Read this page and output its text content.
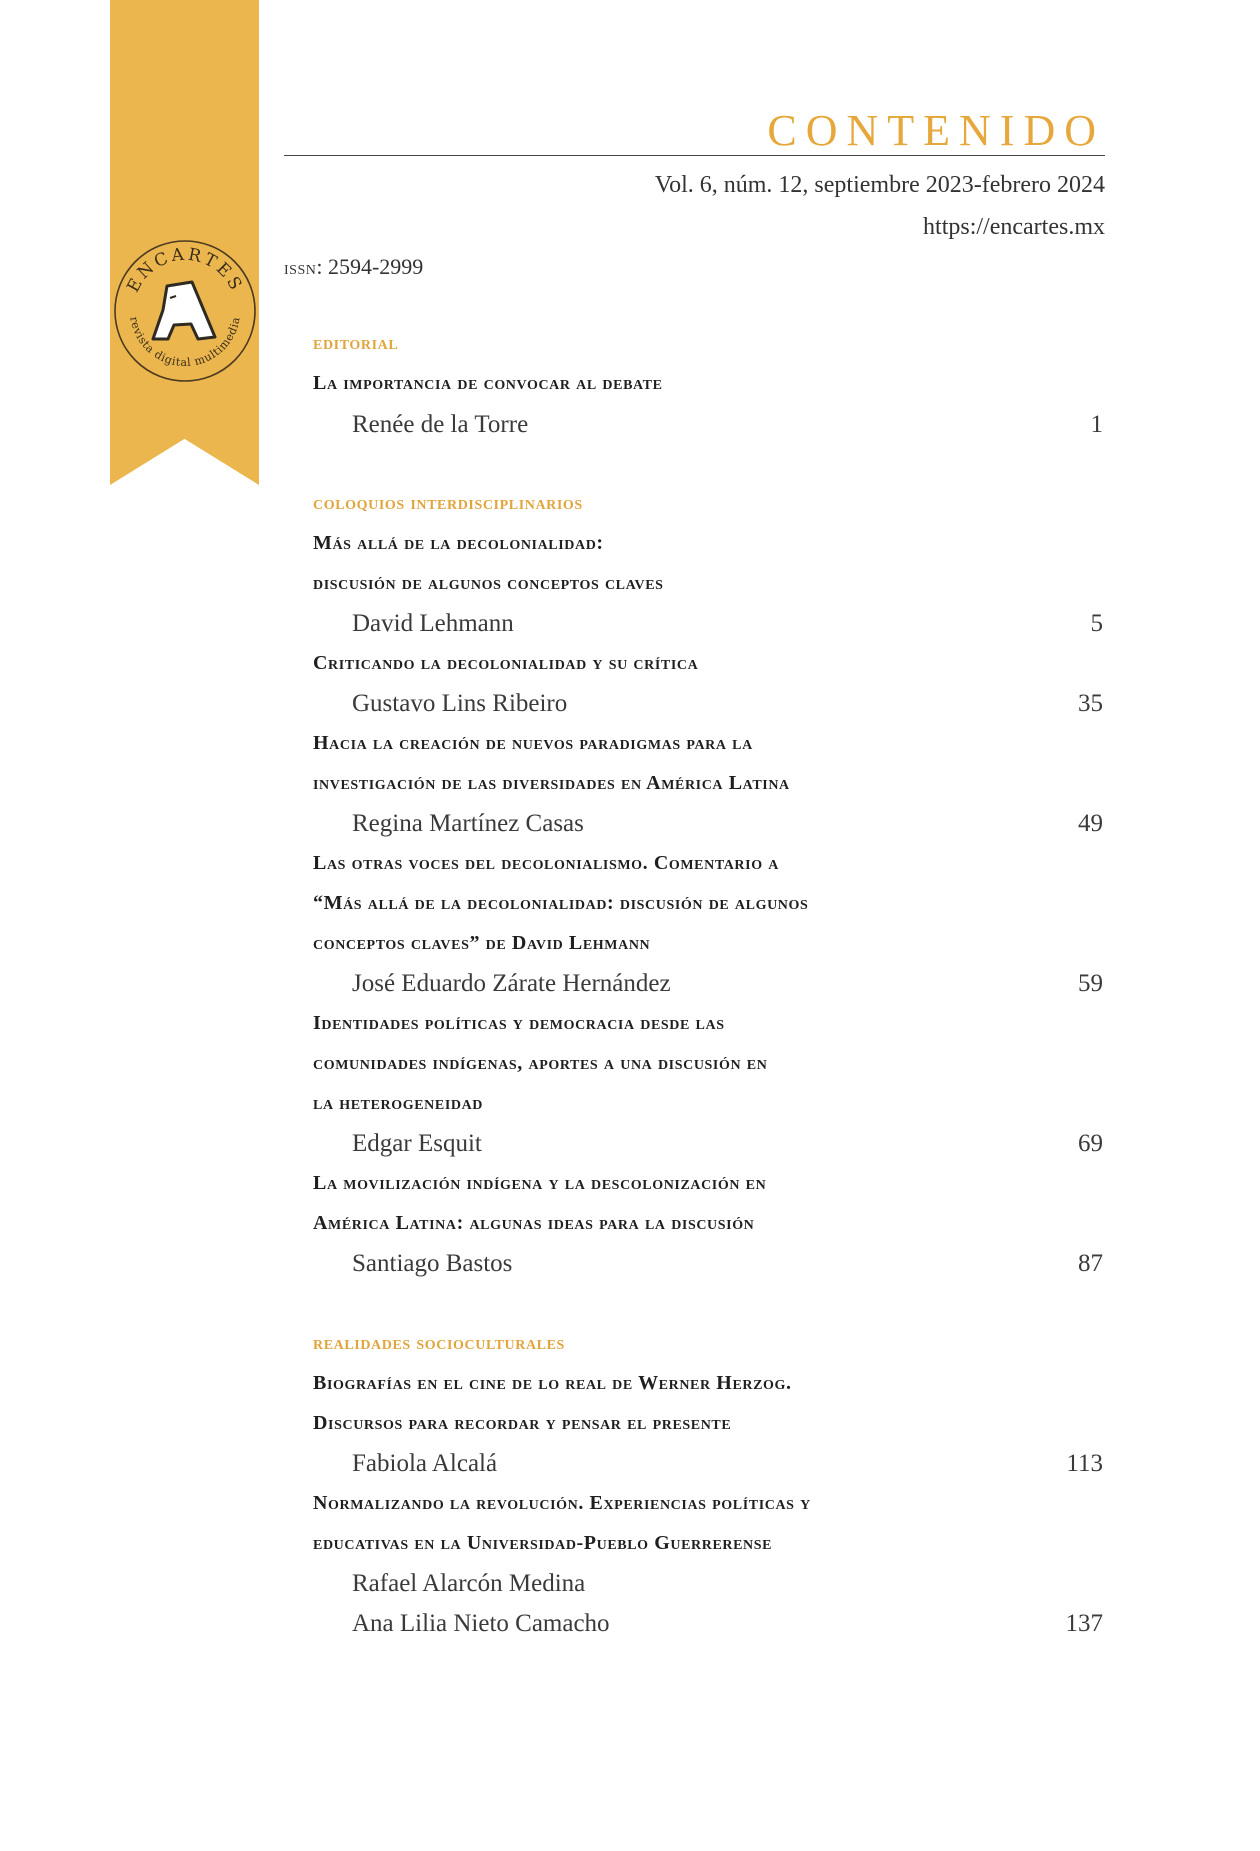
ENCARTES
revista digital multimedia
CONTENIDO
Vol. 6, núm. 12, septiembre 2023-febrero 2024
https://encartes.mx
issn: 2594-2999
editorial
La importancia de convocar al debate
Renée de la Torre	1
coloquios interdisciplinarios
Más allá de la decolonialidad:
discusión de algunos conceptos claves
David Lehmann	5
Criticando la decolonialidad y su crítica
Gustavo Lins Ribeiro	35
Hacia la creación de nuevos paradigmas para la
investigación de las diversidades en América Latina
Regina Martínez Casas	49
Las otras voces del decolonialismo. Comentario a
“Más allá de la decolonialidad: discusión de algunos
conceptos claves” de David Lehmann
José Eduardo Zárate Hernández	59
Identidades políticas y democracia desde las
comunidades indígenas, aportes a una discusión en
la heterogeneidad
Edgar Esquit	69
La movilización indígena y la descolonización en
América Latina: algunas ideas para la discusión
Santiago Bastos	87
realidades socioculturales
Biografías en el cine de lo real de Werner Herzog.
Discursos para recordar y pensar el presente
Fabiola Alcalá	113
Normalizando la revolución. Experiencias políticas y
educativas en la Universidad-Pueblo Guerrerense
Rafael Alarcón Medina
Ana Lilia Nieto Camacho	137
